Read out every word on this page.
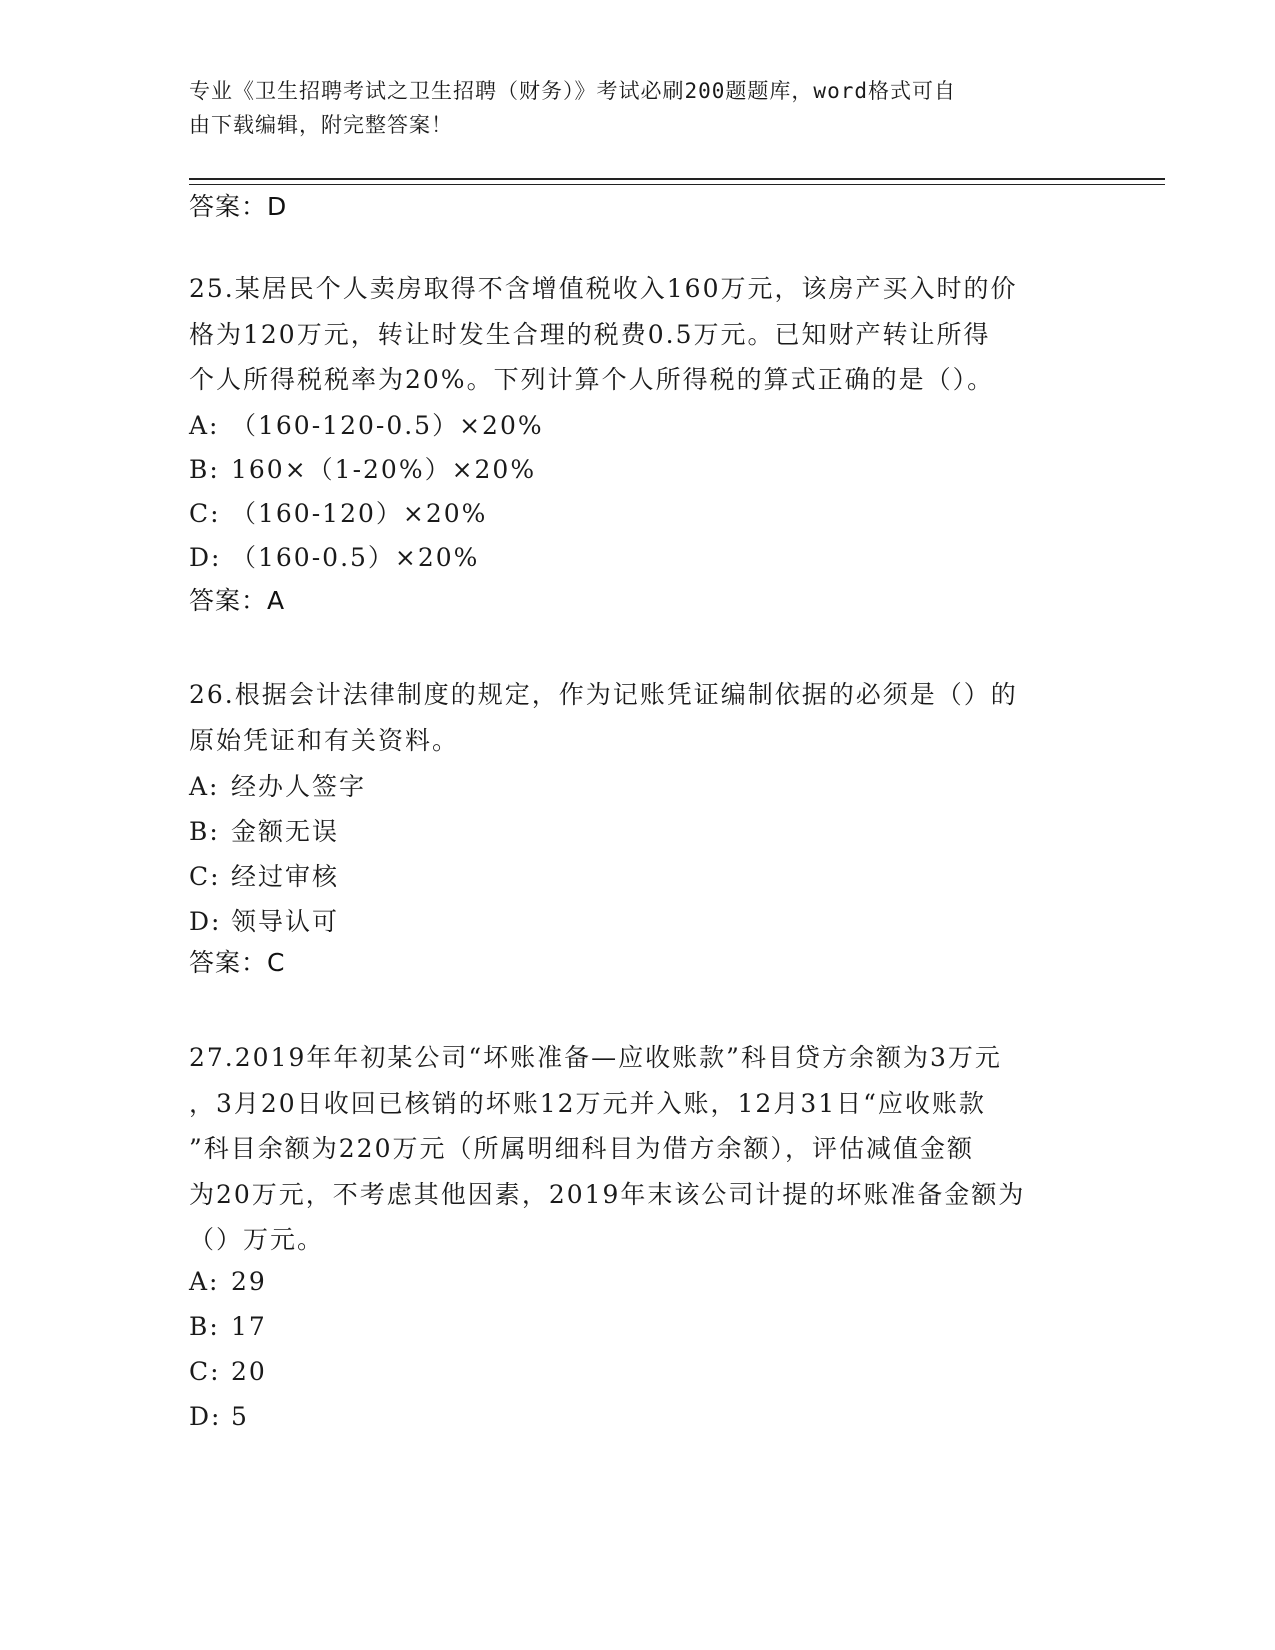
专业《卫生招聘考试之卫生招聘（财务）》考试必刷200题题库，word格式可自
由下载编辑，附完整答案！
答案：D
25.某居民个人卖房取得不含增值税收入160万元，该房产买入时的价
格为120万元，转让时发生合理的税费0.5万元。已知财产转让所得
个人所得税税率为20%。下列计算个人所得税的算式正确的是（）。
A: （160-120-0.5）×20%
B: 160×（1-20%）×20%
C: （160-120）×20%
D: （160-0.5）×20%
答案：A
26.根据会计法律制度的规定，作为记账凭证编制依据的必须是（）的
原始凭证和有关资料。
A: 经办人签字
B: 金额无误
C: 经过审核
D: 领导认可
答案：C
27.2019年年初某公司“坏账准备—应收账款”科目贷方余额为3万元
，3月20日收回已核销的坏账12万元并入账，12月31日“应收账款
”科目余额为220万元（所属明细科目为借方余额），评估减值金额
为20万元，不考虑其他因素，2019年末该公司计提的坏账准备金额为
（）万元。
A: 29
B: 17
C: 20
D: 5
